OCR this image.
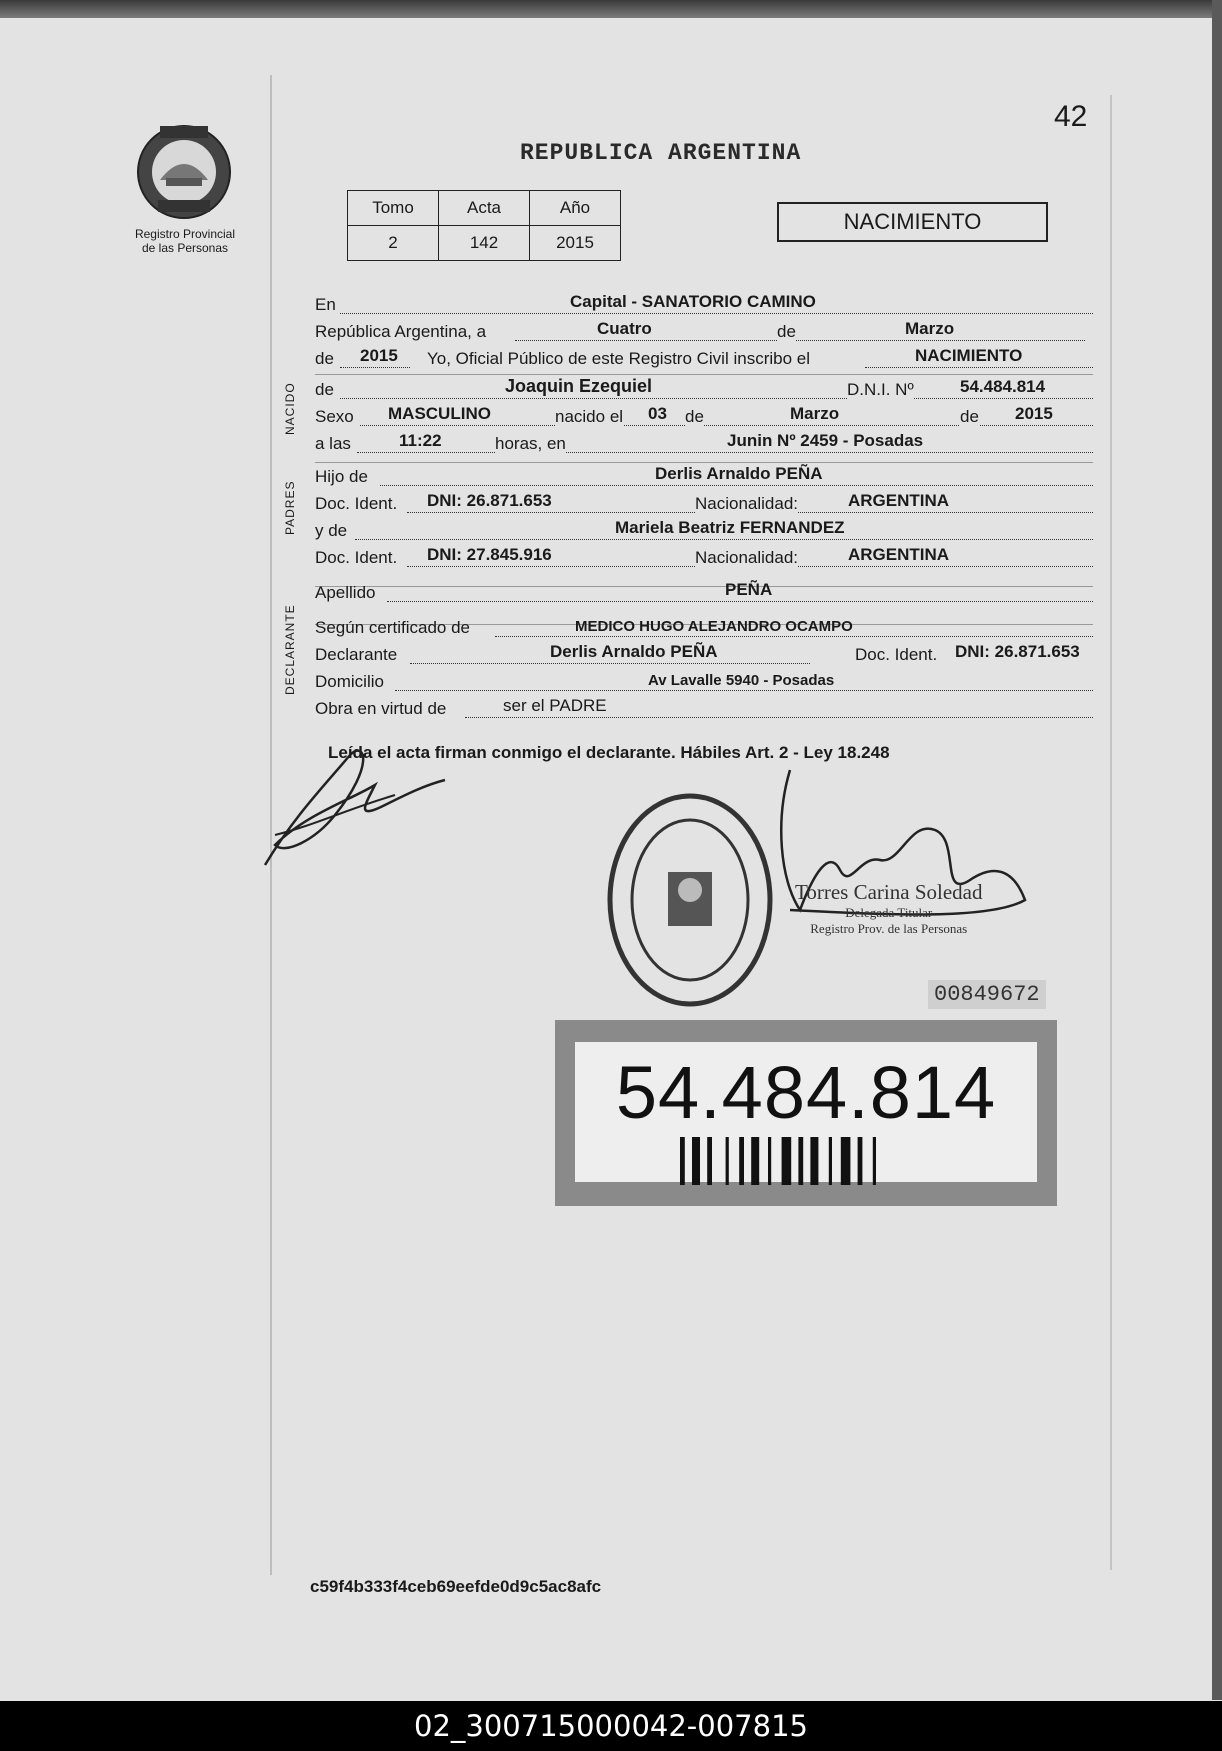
42
Registro Provincial
de las Personas
REPUBLICA ARGENTINA
Tomo	Acta	Año
2	142	2015
NACIMIENTO
En	Capital - SANATORIO CAMINO
República Argentina, a	Cuatro	de	Marzo
de 2015 Yo, Oficial Público de este Registro Civil inscribo el	NACIMIENTO
de	Joaquin Ezequiel	D.N.I. Nº	54.484.814
Sexo MASCULINO	nacido el 03 de	Marzo	de 2015
a las	11:22	horas, en	Junin Nº 2459 - Posadas
Hijo de	Derlis Arnaldo PEÑA
Doc. Ident. DNI: 26.871.653	Nacionalidad:	ARGENTINA
y de	Mariela Beatriz FERNANDEZ
Doc. Ident. DNI: 27.845.916	Nacionalidad:	ARGENTINA
Apellido	PEÑA
Según certificado de	MEDICO HUGO ALEJANDRO OCAMPO
Declarante	Derlis Arnaldo PEÑA	Doc. Ident. DNI: 26.871.653
Domicilio	Av Lavalle 5940 - Posadas
Obra en virtud de	ser el PADRE
NACIDO
PADRES
DECLARANTE
Leída el acta firman conmigo el declarante. Hábiles Art. 2 - Ley 18.248
Torres Carina Soledad
Delegada Titular
Registro Prov. de las Personas
00849672
54.484.814
c59f4b333f4ceb69eefde0d9c5ac8afc
02_300715000042-007815
